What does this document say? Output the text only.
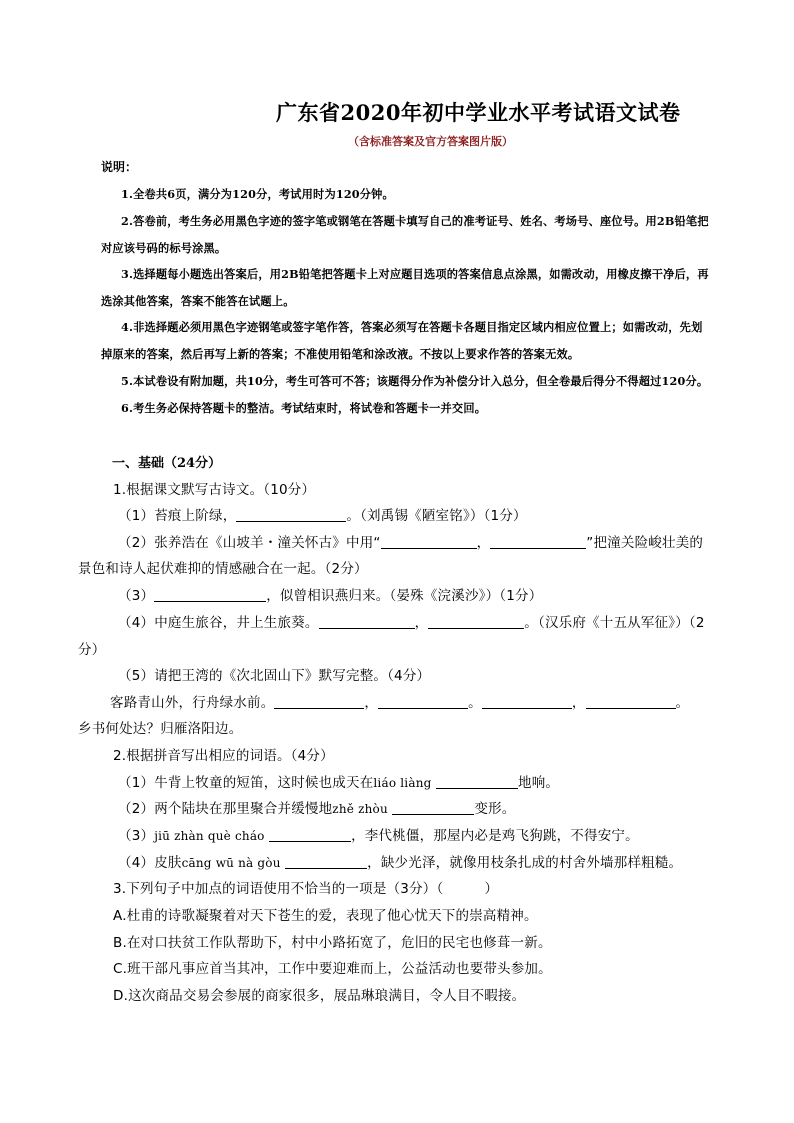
广东省2020年初中学业水平考试语文试卷
（含标准答案及官方答案图片版）
说明：
1.全卷共6页，满分为120分，考试用时为120分钟。
2.答卷前，考生务必用黑色字迹的签字笔或钢笔在答题卡填写自己的准考证号、姓名、考场号、座位号。用2B铅笔把
对应该号码的标号涂黑。
3.选择题每小题选出答案后，用2B铅笔把答题卡上对应题目选项的答案信息点涂黑，如需改动，用橡皮擦干净后，再
选涂其他答案，答案不能答在试题上。
4.非选择题必须用黑色字迹钢笔或签字笔作答，答案必须写在答题卡各题目指定区域内相应位置上；如需改动，先划
掉原来的答案，然后再写上新的答案；不准使用铅笔和涂改液。不按以上要求作答的答案无效。
5.本试卷设有附加题，共10分，考生可答可不答；该题得分作为补偿分计入总分，但全卷最后得分不得超过120分。
6.考生务必保持答题卡的整洁。考试结束时，将试卷和答题卡一并交回。
一、基础（24分）
1.根据课文默写古诗文。（10分）
（1）苔痕上阶绿，	。（刘禹锡《陋室铭》）（1分）
（2）张养浩在《山坡羊・潼关怀古》中用“	，	”把潼关险峻壮美的
景色和诗人起伏难抑的情感融合在一起。（2分）
（3）	，似曾相识燕归来。（晏殊《浣溪沙》）（1分）
（4）中庭生旅谷，井上生旅葵。	，	。（汉乐府《十五从军征》）（2
分）
（5）请把王湾的《次北固山下》默写完整。（4分）
客路青山外，行舟绿水前。	，	。	，	。
乡书何处达？归雁洛阳边。
2.根据拼音写出相应的词语。（4分）
（1）牛背上牧童的短笛，这时候也成天在liáo liàng	地响。
（2）两个陆块在那里聚合并缓慢地zhě zhòu	变形。
（3）jiū zhàn què cháo	，李代桃僵，那屋内必是鸡飞狗跳，不得安宁。
（4）皮肤cāng wū nà gòu	，缺少光泽，就像用枝条扎成的村舍外墙那样粗糙。
3.下列句子中加点的词语使用不恰当的一项是（3分）（　　　）
A.杜甫的诗歌凝聚着对天下苍生的爱，表现了他心忧天下的崇高精神。
B.在对口扶贫工作队帮助下，村中小路拓宽了，危旧的民宅也修葺一新。
C.班干部凡事应首当其冲，工作中要迎难而上，公益活动也要带头参加。
D.这次商品交易会参展的商家很多，展品琳琅满目，令人目不暇接。
